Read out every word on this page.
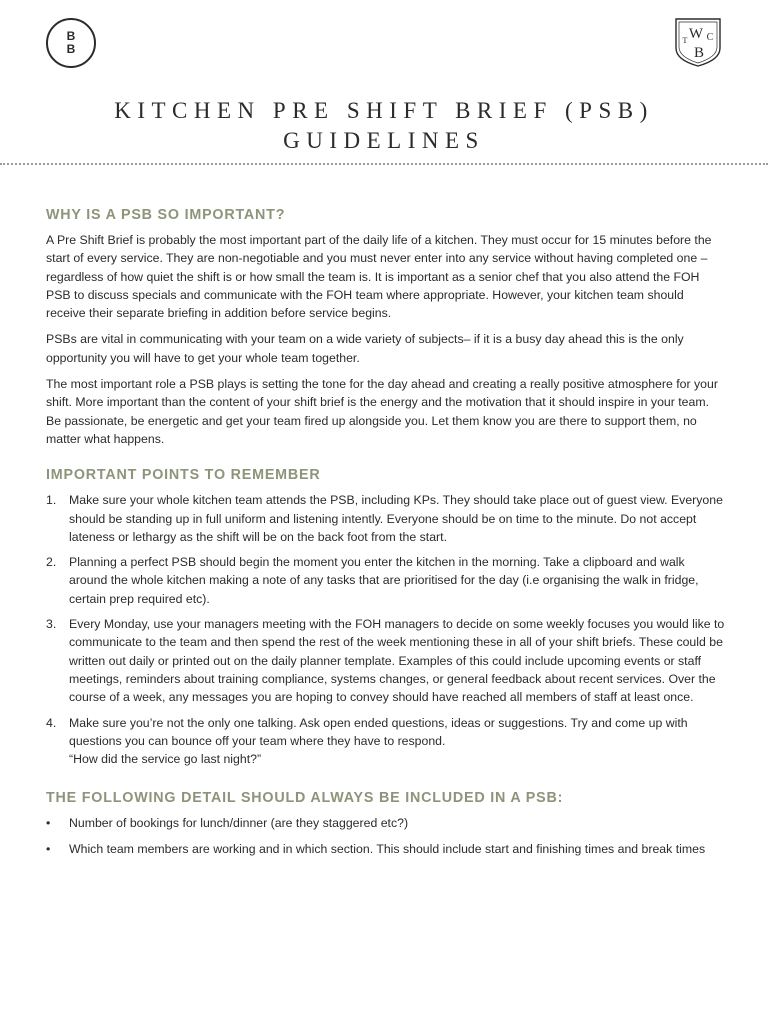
B
B
W
T C
B
KITCHEN PRE SHIFT BRIEF (PSB)
GUIDELINES
WHY IS A PSB SO IMPORTANT?

A Pre Shift Brief is probably the most important part of the daily life of a kitchen. They must occur for 15 minutes before the start of every service. They are non-negotiable and you must never enter into any service without having completed one – regardless of how quiet the shift is or how small the team is. It is important as a senior chef that you also attend the FOH PSB to discuss specials and communicate with the FOH team where appropriate. However, your kitchen team should receive their separate briefing in addition before service begins.

PSBs are vital in communicating with your team on a wide variety of subjects– if it is a busy day ahead this is the only opportunity you will have to get your whole team together.

The most important role a PSB plays is setting the tone for the day ahead and creating a really positive atmosphere for your shift. More important than the content of your shift brief is the energy and the motivation that it should inspire in your team. Be passionate, be energetic and get your team fired up alongside you. Let them know you are there to support them, no matter what happens.

IMPORTANT POINTS TO REMEMBER
1. Make sure your whole kitchen team attends the PSB, including KPs. They should take place out of guest view. Everyone should be standing up in full uniform and listening intently. Everyone should be on time to the minute. Do not accept lateness or lethargy as the shift will be on the back foot from the start.
2. Planning a perfect PSB should begin the moment you enter the kitchen in the morning. Take a clipboard and walk around the whole kitchen making a note of any tasks that are prioritised for the day (i.e organising the walk in fridge, certain prep required etc).
3. Every Monday, use your managers meeting with the FOH managers to decide on some weekly focuses you would like to communicate to the team and then spend the rest of the week mentioning these in all of your shift briefs. These could be written out daily or printed out on the daily planner template. Examples of this could include upcoming events or staff meetings, reminders about training compliance, systems changes, or general feedback about recent services. Over the course of a week, any messages you are hoping to convey should have reached all members of staff at least once.
4. Make sure you’re not the only one talking. Ask open ended questions, ideas or suggestions. Try and come up with questions you can bounce off your team where they have to respond.
“How did the service go last night?”
THE FOLLOWING DETAIL SHOULD ALWAYS BE INCLUDED IN A PSB:
• Number of bookings for lunch/dinner (are they staggered etc?)
• Which team members are working and in which section. This should include start and finishing times and break times
